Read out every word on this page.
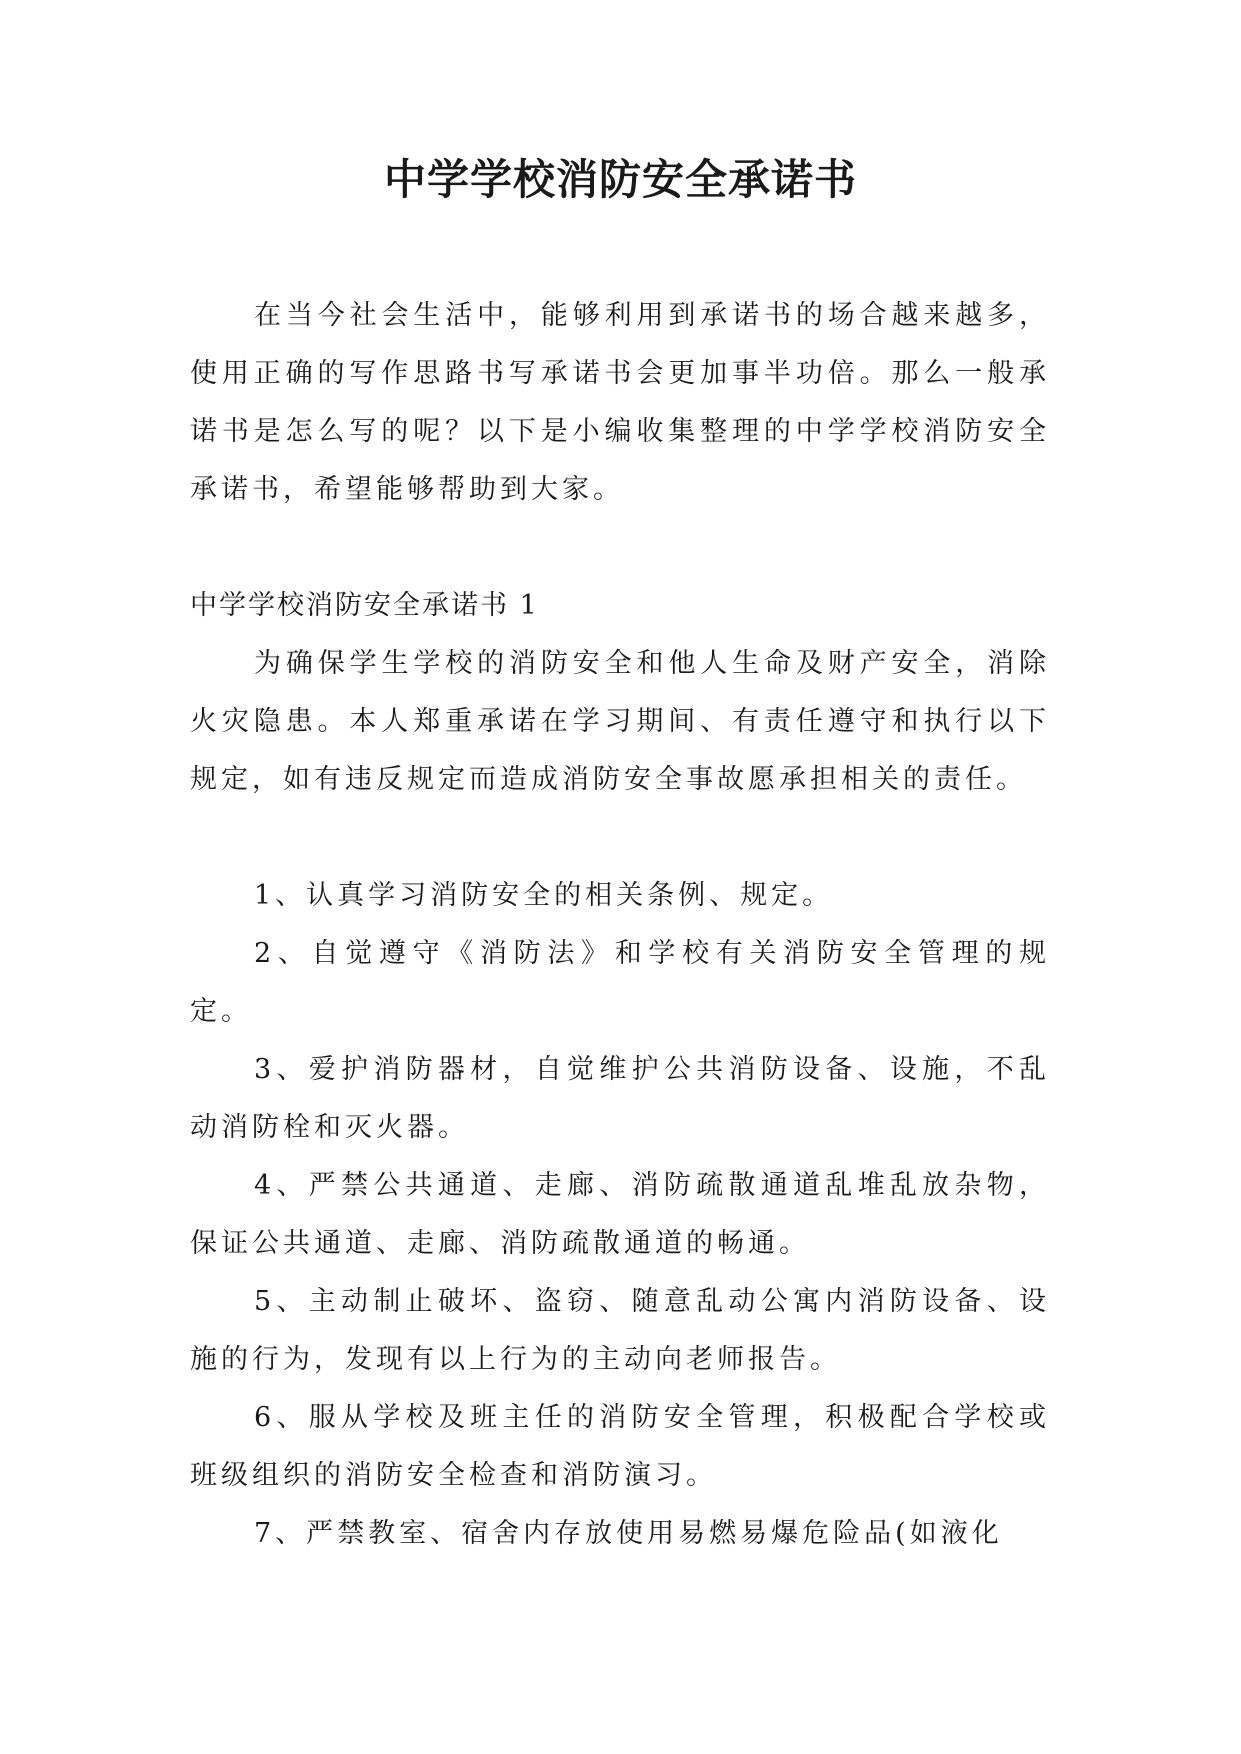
中学学校消防安全承诺书

在当今社会生活中，能够利用到承诺书的场合越来越多，使用正确的写作思路书写承诺书会更加事半功倍。那么一般承诺书是怎么写的呢？以下是小编收集整理的中学学校消防安全承诺书，希望能够帮助到大家。

中学学校消防安全承诺书 1

为确保学生学校的消防安全和他人生命及财产安全，消除火灾隐患。本人郑重承诺在学习期间、有责任遵守和执行以下规定，如有违反规定而造成消防安全事故愿承担相关的责任。

1、认真学习消防安全的相关条例、规定。

2、自觉遵守《消防法》和学校有关消防安全管理的规定。

3、爱护消防器材，自觉维护公共消防设备、设施，不乱动消防栓和灭火器。

4、严禁公共通道、走廊、消防疏散通道乱堆乱放杂物，保证公共通道、走廊、消防疏散通道的畅通。

5、主动制止破坏、盗窃、随意乱动公寓内消防设备、设施的行为，发现有以上行为的主动向老师报告。

6、服从学校及班主任的消防安全管理，积极配合学校或班级组织的消防安全检查和消防演习。

7、严禁教室、宿舍内存放使用易燃易爆危险品(如液化
